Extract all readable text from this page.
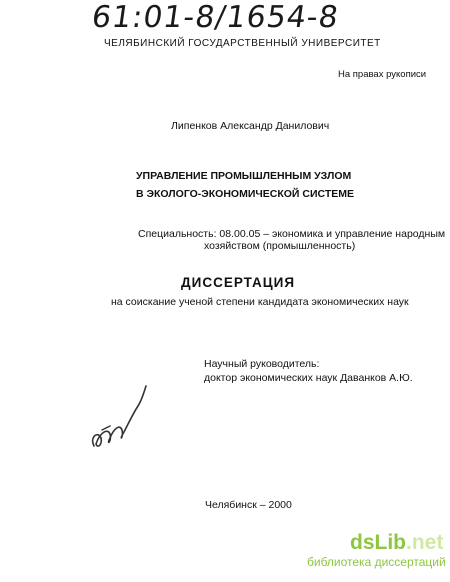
61:01-8/1654-8
ЧЕЛЯБИНСКИЙ ГОСУДАРСТВЕННЫЙ УНИВЕРСИТЕТ
На правах рукописи
Липенков Александр Данилович
УПРАВЛЕНИЕ ПРОМЫШЛЕННЫМ УЗЛОМ
В ЭКОЛОГО-ЭКОНОМИЧЕСКОЙ СИСТЕМЕ
Специальность: 08.00.05 – экономика и управление народным
хозяйством (промышленность)
ДИССЕРТАЦИЯ
на соискание ученой степени кандидата экономических наук
Научный руководитель:
доктор экономических наук Даванков А.Ю.
Челябинск – 2000
dsLib.net
библиотека диссертаций
